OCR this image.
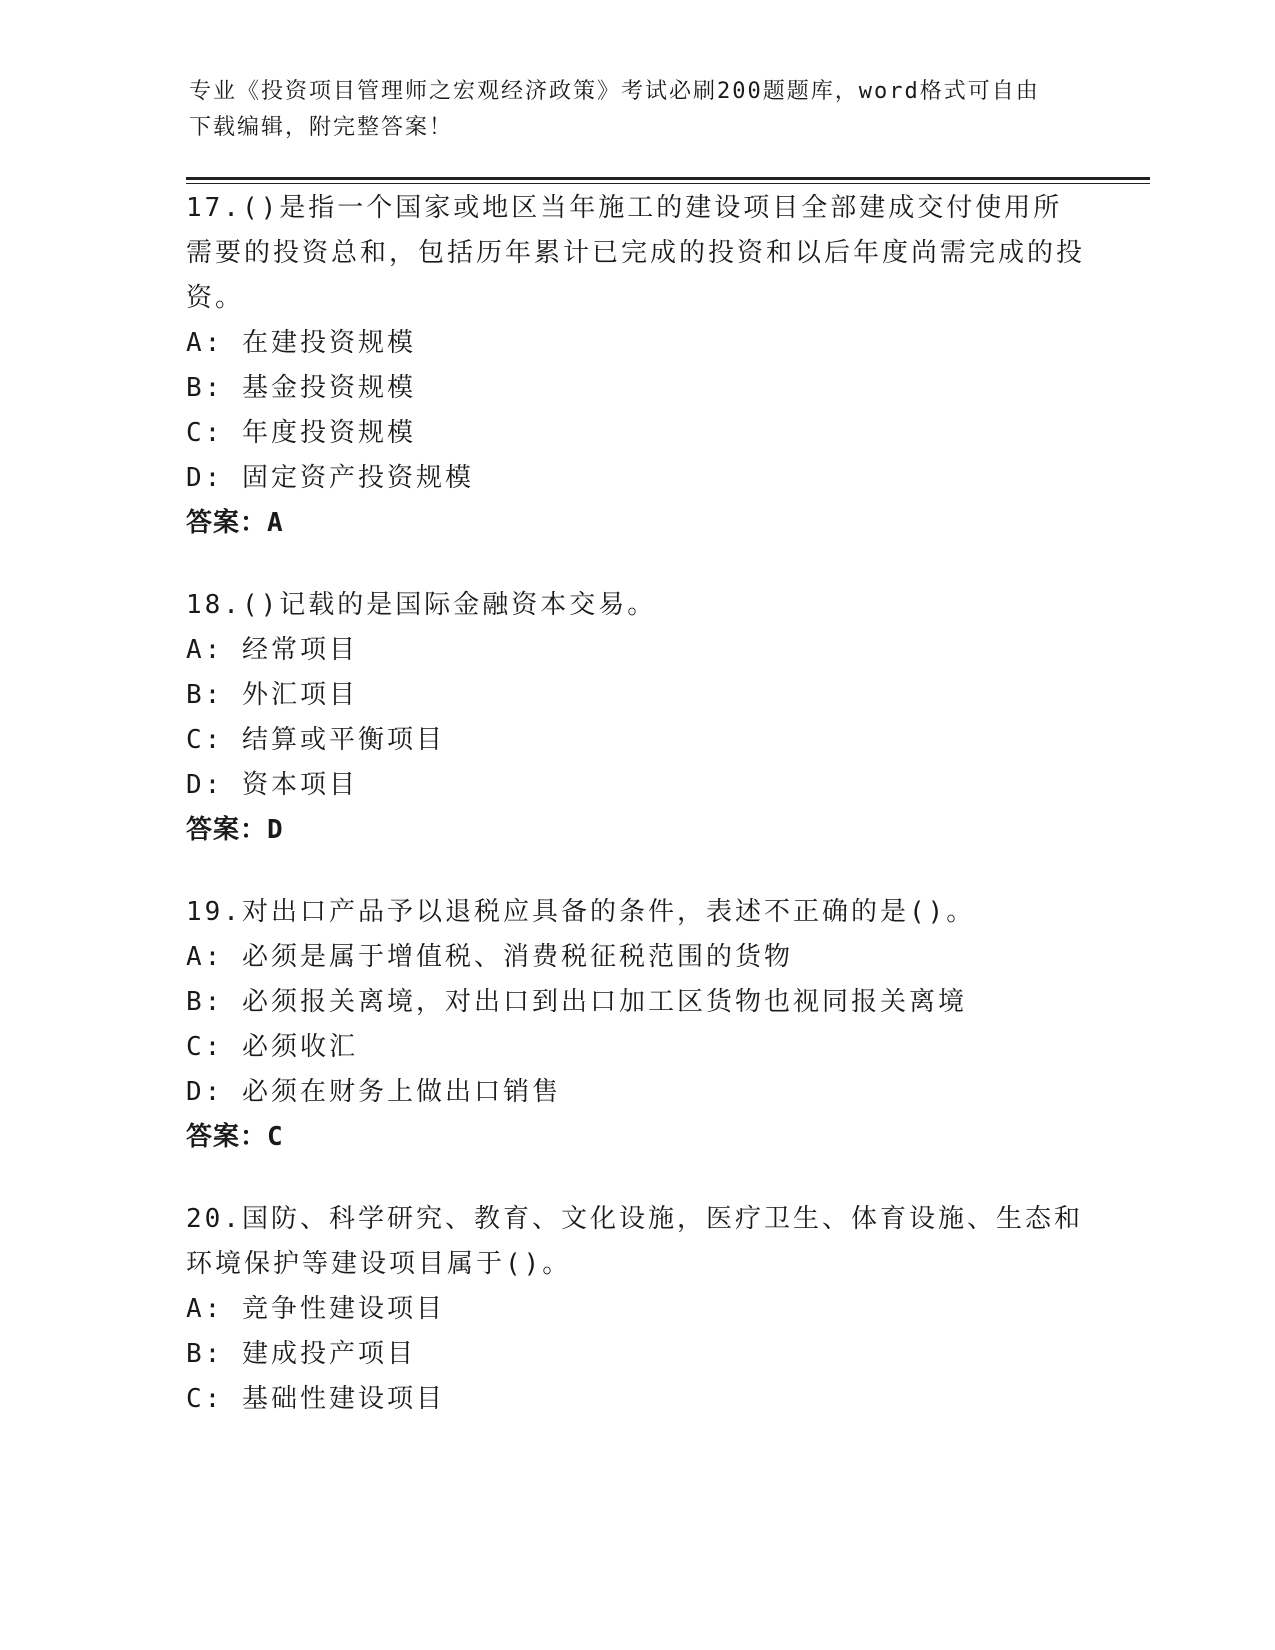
专业《投资项目管理师之宏观经济政策》考试必刷200题题库，word格式可自由
下载编辑，附完整答案！
17.()是指一个国家或地区当年施工的建设项目全部建成交付使用所需要的投资总和，包括历年累计已完成的投资和以后年度尚需完成的投资。
A: 在建投资规模
B: 基金投资规模
C: 年度投资规模
D: 固定资产投资规模
答案：A
18.()记载的是国际金融资本交易。
A: 经常项目
B: 外汇项目
C: 结算或平衡项目
D: 资本项目
答案：D
19.对出口产品予以退税应具备的条件，表述不正确的是()。
A: 必须是属于增值税、消费税征税范围的货物
B: 必须报关离境，对出口到出口加工区货物也视同报关离境
C: 必须收汇
D: 必须在财务上做出口销售
答案：C
20.国防、科学研究、教育、文化设施，医疗卫生、体育设施、生态和环境保护等建设项目属于()。
A: 竞争性建设项目
B: 建成投产项目
C: 基础性建设项目
